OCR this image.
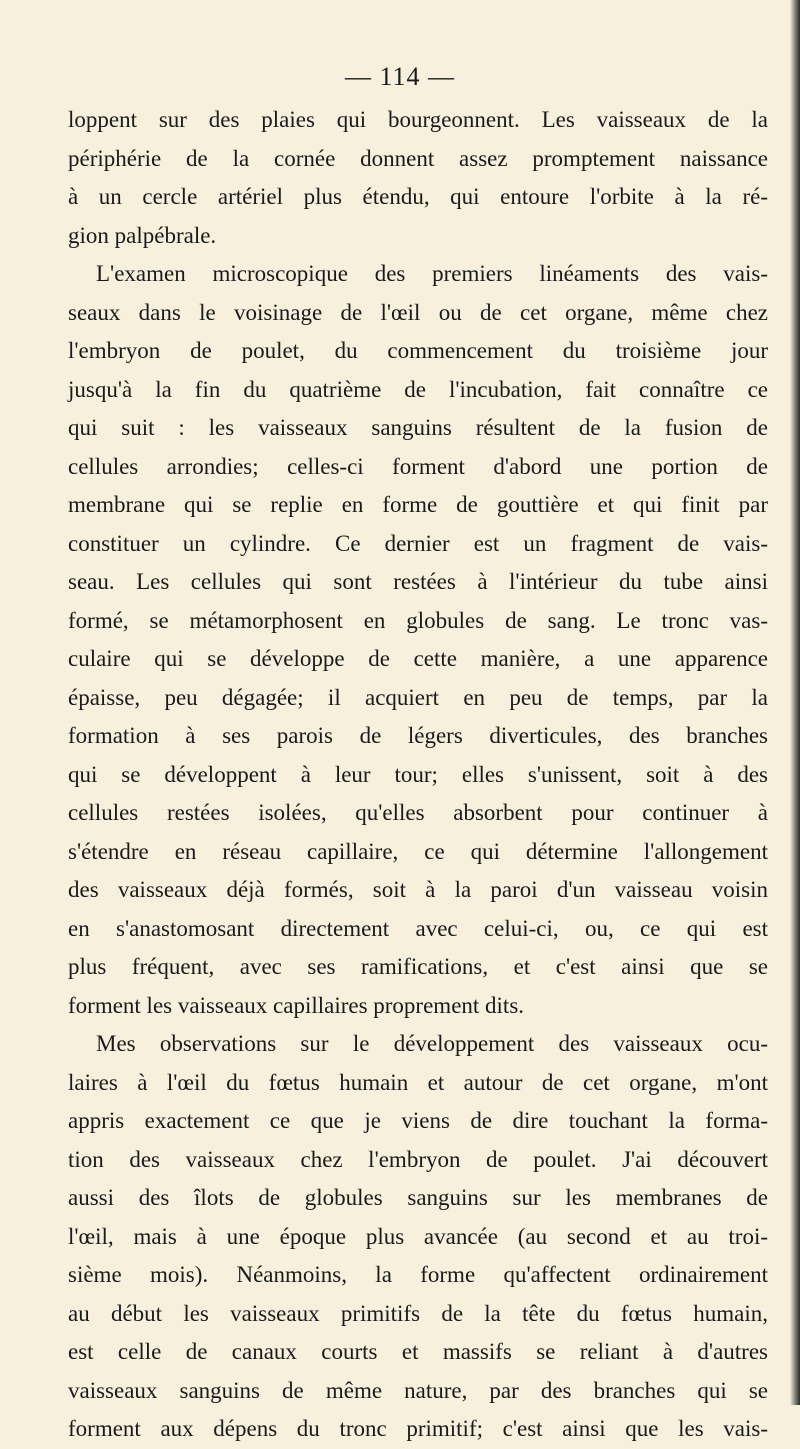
— 114 —
loppent sur des plaies qui bourgeonnent. Les vaisseaux de la
périphérie de la cornée donnent assez promptement naissance
à un cercle artériel plus étendu, qui entoure l'orbite à la ré-
gion palpébrale.
L'examen microscopique des premiers linéaments des vais-
seaux dans le voisinage de l'œil ou de cet organe, même chez
l'embryon de poulet, du commencement du troisième jour
jusqu'à la fin du quatrième de l'incubation, fait connaître ce
qui suit : les vaisseaux sanguins résultent de la fusion de
cellules arrondies; celles-ci forment d'abord une portion de
membrane qui se replie en forme de gouttière et qui finit par
constituer un cylindre. Ce dernier est un fragment de vais-
seau. Les cellules qui sont restées à l'intérieur du tube ainsi
formé, se métamorphosent en globules de sang. Le tronc vas-
culaire qui se développe de cette manière, a une apparence
épaisse, peu dégagée; il acquiert en peu de temps, par la
formation à ses parois de légers diverticules, des branches
qui se développent à leur tour; elles s'unissent, soit à des
cellules restées isolées, qu'elles absorbent pour continuer à
s'étendre en réseau capillaire, ce qui détermine l'allongement
des vaisseaux déjà formés, soit à la paroi d'un vaisseau voisin
en s'anastomosant directement avec celui-ci, ou, ce qui est
plus fréquent, avec ses ramifications, et c'est ainsi que se
forment les vaisseaux capillaires proprement dits.
Mes observations sur le développement des vaisseaux ocu-
laires à l'œil du fœtus humain et autour de cet organe, m'ont
appris exactement ce que je viens de dire touchant la forma-
tion des vaisseaux chez l'embryon de poulet. J'ai découvert
aussi des îlots de globules sanguins sur les membranes de
l'œil, mais à une époque plus avancée (au second et au troi-
sième mois). Néanmoins, la forme qu'affectent ordinairement
au début les vaisseaux primitifs de la tête du fœtus humain,
est celle de canaux courts et massifs se reliant à d'autres
vaisseaux sanguins de même nature, par des branches qui se
forment aux dépens du tronc primitif; c'est ainsi que les vais-
